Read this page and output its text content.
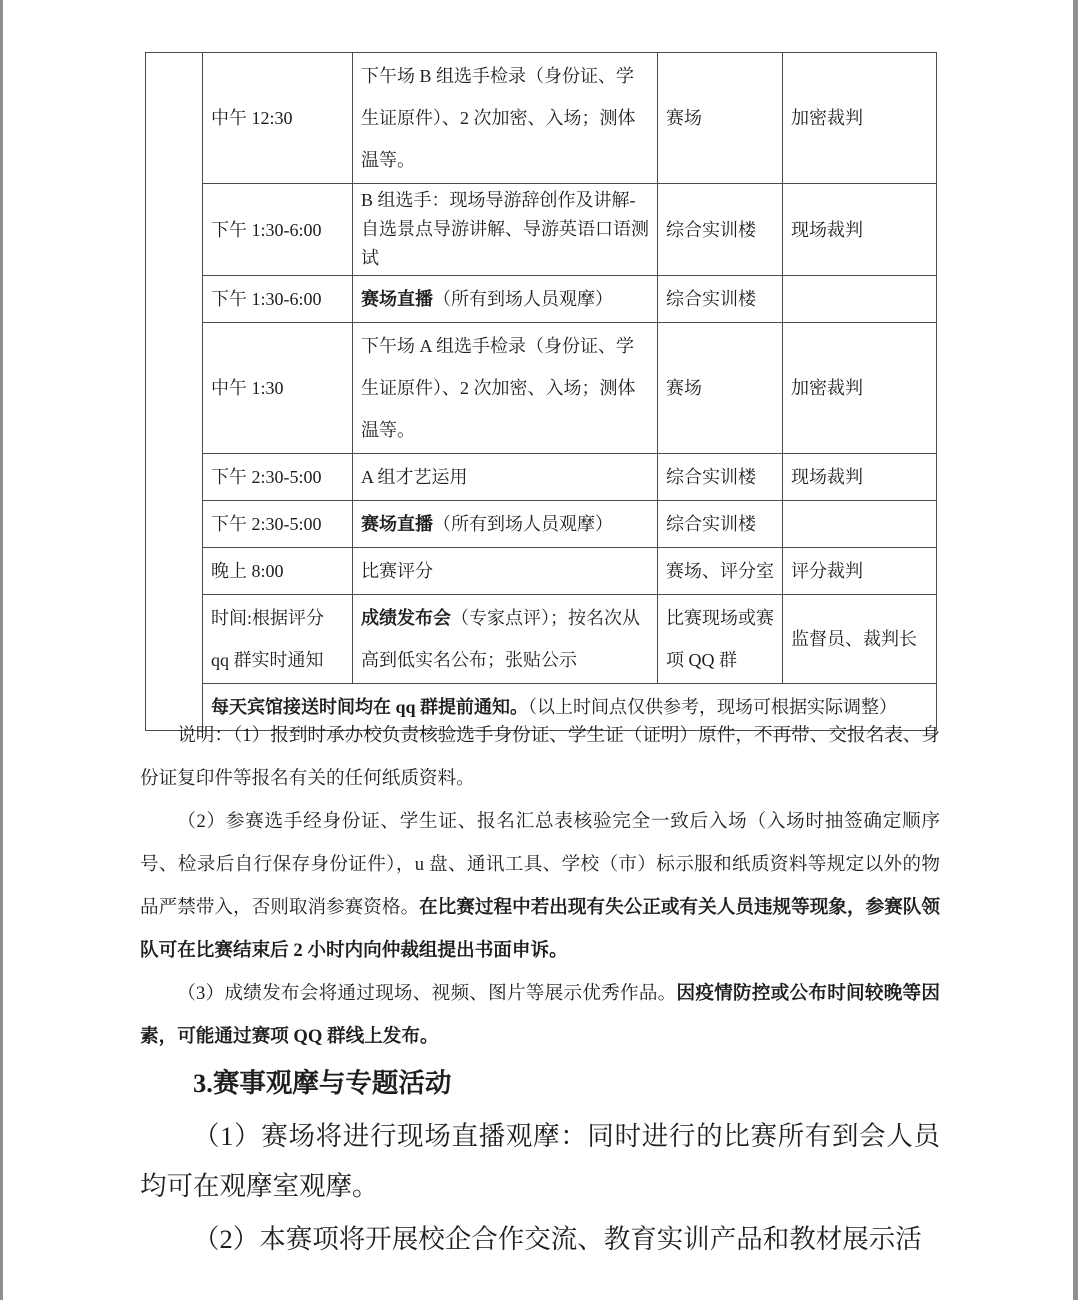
	中午 12:30	下午场 B 组选手检录（身份证、学生证原件）、2 次加密、入场；测体温等。	赛场	加密裁判
	下午 1:30-6:00	B 组选手：现场导游辞创作及讲解-自选景点导游讲解、导游英语口语测试	综合实训楼	现场裁判
	下午 1:30-6:00	赛场直播（所有到场人员观摩）	综合实训楼	
	中午 1:30	下午场 A 组选手检录（身份证、学生证原件）、2 次加密、入场；测体温等。	赛场	加密裁判
	下午 2:30-5:00	A 组才艺运用	综合实训楼	现场裁判
	下午 2:30-5:00	赛场直播（所有到场人员观摩）	综合实训楼	
	晚上 8:00	比赛评分	赛场、评分室	评分裁判
	时间:根据评分 qq 群实时通知	成绩发布会（专家点评）；按名次从高到低实名公布；张贴公示	比赛现场或赛项 QQ 群	监督员、裁判长
	每天宾馆接送时间均在 qq 群提前通知。（以上时间点仅供参考，现场可根据实际调整）			

说明：（1）报到时承办校负责核验选手身份证、学生证（证明）原件，不再带、交报名表、身份证复印件等报名有关的任何纸质资料。

（2）参赛选手经身份证、学生证、报名汇总表核验完全一致后入场（入场时抽签确定顺序号、检录后自行保存身份证件），u 盘、通讯工具、学校（市）标示服和纸质资料等规定以外的物品严禁带入，否则取消参赛资格。在比赛过程中若出现有失公正或有关人员违规等现象，参赛队领队可在比赛结束后 2 小时内向仲裁组提出书面申诉。

（3）成绩发布会将通过现场、视频、图片等展示优秀作品。因疫情防控或公布时间较晚等因素，可能通过赛项 QQ 群线上发布。

3.赛事观摩与专题活动

（1）赛场将进行现场直播观摩：同时进行的比赛所有到会人员均可在观摩室观摩。

（2）本赛项将开展校企合作交流、教育实训产品和教材展示活
